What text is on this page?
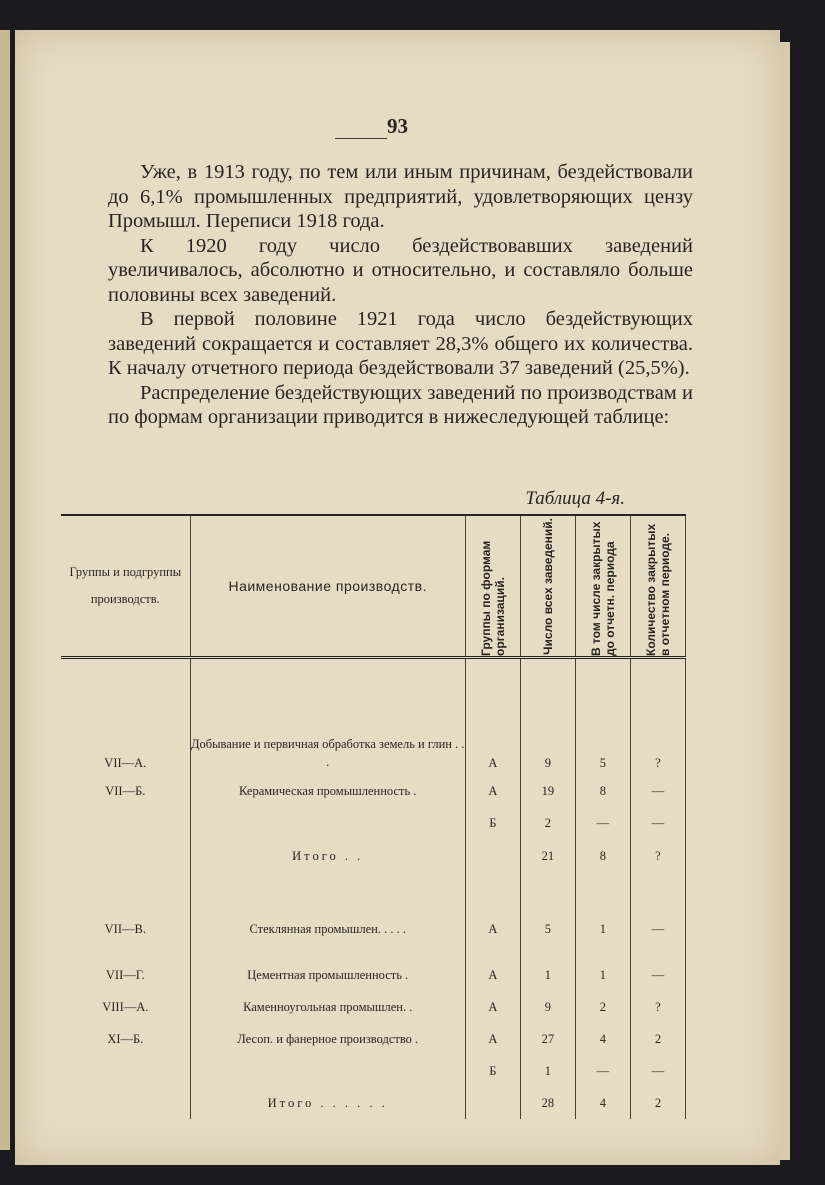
93

Уже, в 1913 году, по тем или иным причинам, бездействовали до 6,1% промышленных предприятий, удовлетворяющих цензу Промышл. Переписи 1918 года.

К 1920 году число бездействовавших заведений увеличивалось, абсолютно и относительно, и составляло больше половины всех заведений.

В первой половине 1921 года число бездействующих заведений сокращается и составляет 28,3% общего их количества. К началу отчетного периода бездействовали 37 заведений (25,5%).

Распределение бездействующих заведений по производствам и по формам организации приводится в нижеследующей таблице:

Таблица 4-я.
Группы и подгруппы производств.	Наименование производств.	Группы по формам организаций.	Число всех заведений.	В том числе закрытых до отчетн. периода	Количество закрытых в отчетном периоде.

VII—А.	Добывание и первичная обработка земель и глин . . .	А	9	5	?
VII—Б.	Керамическая промышленность .	А	19	8	—
		Б	2	—	—
	Итого . .		21	8	?

VII—В.	Стеклянная промышлен. . . . .	А	5	1	—
VII—Г.	Цементная промышленность .	А	1	1	—
VIII—А.	Каменноугольная промышлен. .	А	9	2	?
XI—Б.	Лесоп. и фанерное производство .	А	27	4	2
		Б	1	—	—
	Итого . . . . . .		28	4	2
